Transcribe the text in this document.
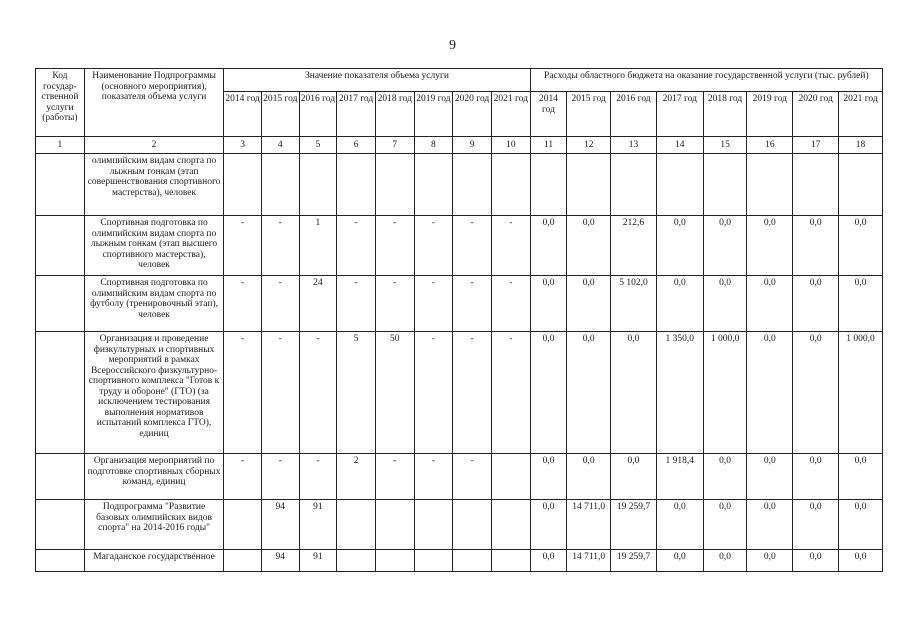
9
Код государ-ственной услуги (работы)	Наименование Подпрограммы (основного мероприятия), показателя объема услуги	Значение показателя объема услуги								Расходы областного бюджета на оказание государственной услуги (тыс. рублей)							
		2014 год	2015 год	2016 год	2017 год	2018 год	2019 год	2020 год	2021 год	2014 год	2015 год	2016 год	2017 год	2018 год	2019 год	2020 год	2021 год
1	2	3	4	5	6	7	8	9	10	11	12	13	14	15	16	17	18
	олимпийским видам спорта по лыжным гонкам (этап совершенствования спортивного мастерства), человек																
	Спортивная подготовка по олимпийским видам спорта по лыжным гонкам (этап высшего спортивного мастерства), человек	-	-	1	-	-	-	-	-	0,0	0,0	212,6	0,0	0,0	0,0	0,0	0,0
	Спортивная подготовка по олимпийским видам спорта по футболу (тренировочный этап), человек	-	-	24	-	-	-	-	-	0,0	0,0	5 102,0	0,0	0,0	0,0	0,0	0,0
	Организация и проведение физкультурных и спортивных мероприятий в рамках Всероссийского физкультурно-спортивного комплекса "Готов к труду и обороне" (ГТО) (за исключением тестирования выполнения нормативов испытаний комплекса ГТО), единиц	-	-	-	5	50	-	-	-	0,0	0,0	0,0	1 350,0	1 000,0	0,0	0,0	1 000,0
	Организация мероприятий по подготовке спортивных сборных команд, единиц	-	-	-	2	-	-	-		0,0	0,0	0,0	1 918,4	0,0	0,0	0,0	0,0
	Подпрограмма "Развитие базовых олимпийских видов спорта" на 2014-2016 годы"		94	91						0,0	14 711,0	19 259,7	0,0	0,0	0,0	0,0	0,0
	Магаданское государственное		94	91						0,0	14 711,0	19 259,7	0,0	0,0	0,0	0,0	0,0
